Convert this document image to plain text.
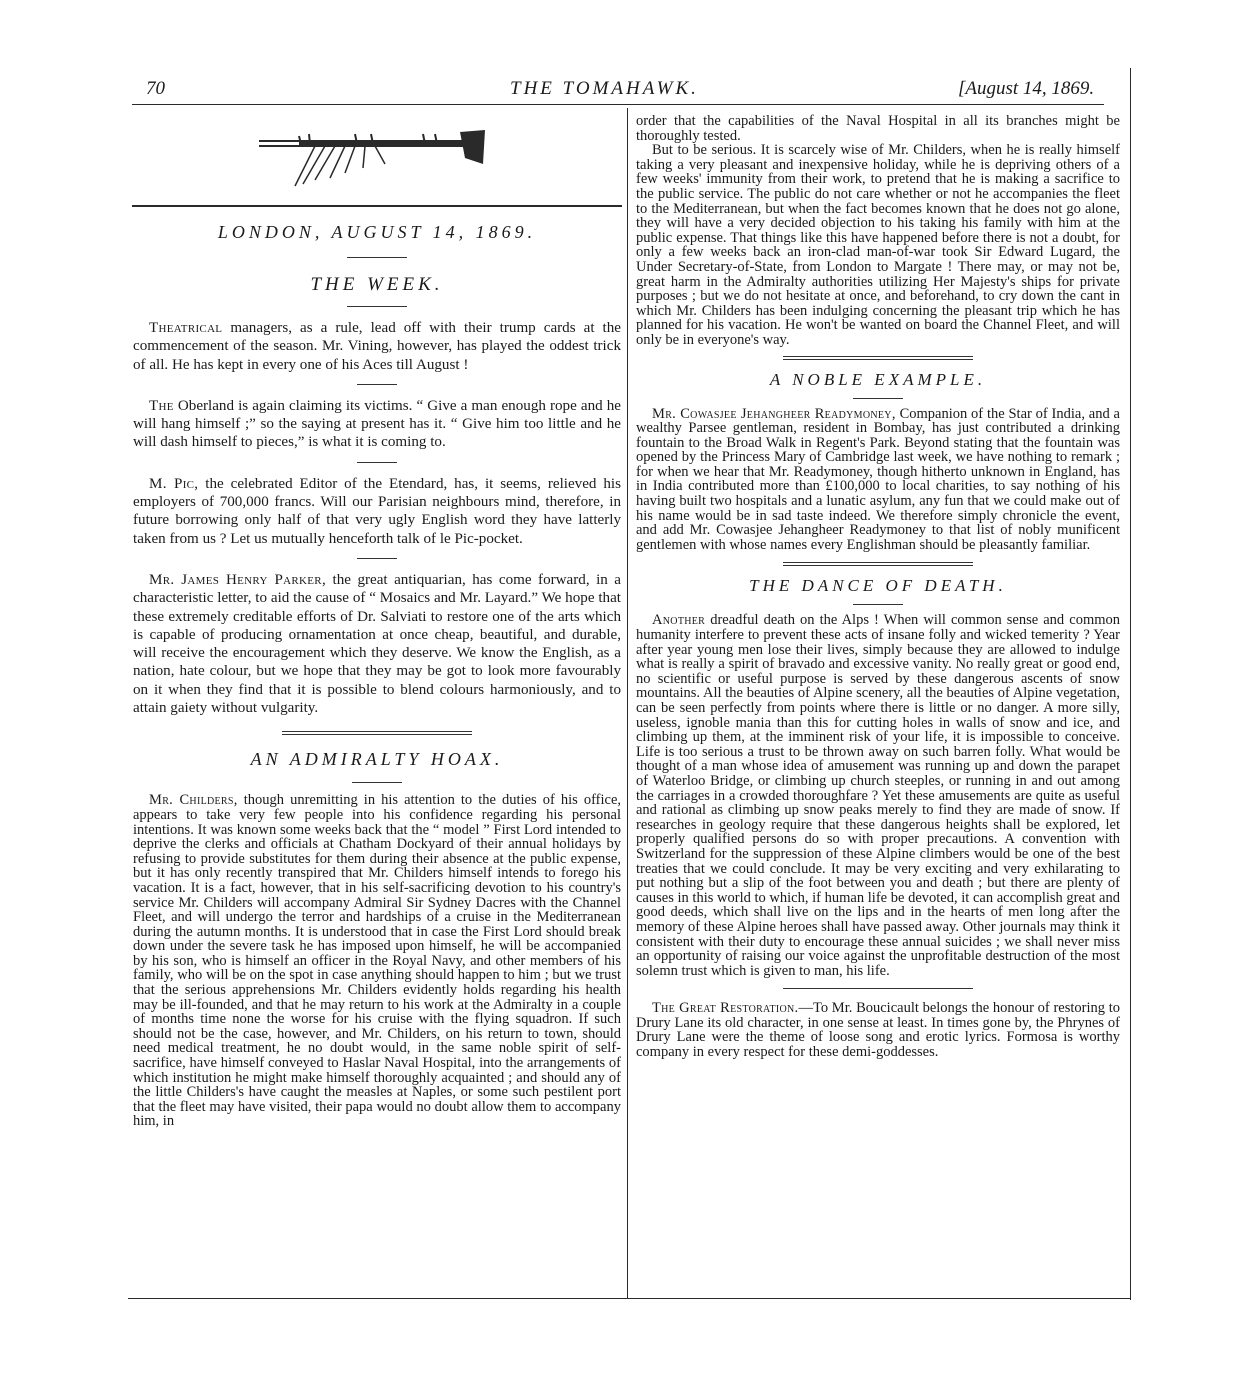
70	THE TOMAHAWK.	[August 14, 1869.
LONDON, AUGUST 14, 1869.
THE WEEK.

Theatrical managers, as a rule, lead off with their trump cards at the commencement of the season. Mr. Vining, however, has played the oddest trick of all. He has kept in every one of his Aces till August !

The Oberland is again claiming its victims. “ Give a man enough rope and he will hang himself ;” so the saying at present has it. “ Give him too little and he will dash himself to pieces,” is what it is coming to.

M. Pic, the celebrated Editor of the Etendard, has, it seems, relieved his employers of 700,000 francs. Will our Parisian neighbours mind, therefore, in future borrowing only half of that very ugly English word they have latterly taken from us ? Let us mutually henceforth talk of le Pic-pocket.

Mr. James Henry Parker, the great antiquarian, has come forward, in a characteristic letter, to aid the cause of “ Mosaics and Mr. Layard.” We hope that these extremely creditable efforts of Dr. Salviati to restore one of the arts which is capable of producing ornamentation at once cheap, beautiful, and durable, will receive the encouragement which they deserve. We know the English, as a nation, hate colour, but we hope that they may be got to look more favourably on it when they find that it is possible to blend colours harmoniously, and to attain gaiety without vulgarity.

AN ADMIRALTY HOAX.

Mr. Childers, though unremitting in his attention to the duties of his office, appears to take very few people into his confidence regarding his personal intentions. It was known some weeks back that the “ model ” First Lord intended to deprive the clerks and officials at Chatham Dockyard of their annual holidays by refusing to provide substitutes for them during their absence at the public expense, but it has only recently transpired that Mr. Childers himself intends to forego his vacation. It is a fact, however, that in his self-sacrificing devotion to his country's service Mr. Childers will accompany Admiral Sir Sydney Dacres with the Channel Fleet, and will undergo the terror and hardships of a cruise in the Mediterranean during the autumn months. It is understood that in case the First Lord should break down under the severe task he has imposed upon himself, he will be accompanied by his son, who is himself an officer in the Royal Navy, and other members of his family, who will be on the spot in case anything should happen to him ; but we trust that the serious apprehensions Mr. Childers evidently holds regarding his health may be ill-founded, and that he may return to his work at the Admiralty in a couple of months time none the worse for his cruise with the flying squadron. If such should not be the case, however, and Mr. Childers, on his return to town, should need medical treatment, he no doubt would, in the same noble spirit of self-sacrifice, have himself conveyed to Haslar Naval Hospital, into the arrangements of which institution he might make himself thoroughly acquainted ; and should any of the little Childers's have caught the measles at Naples, or some such pestilent port that the fleet may have visited, their papa would no doubt allow them to accompany him, in

order that the capabilities of the Naval Hospital in all its branches might be thoroughly tested.

But to be serious. It is scarcely wise of Mr. Childers, when he is really himself taking a very pleasant and inexpensive holiday, while he is depriving others of a few weeks' immunity from their work, to pretend that he is making a sacrifice to the public service. The public do not care whether or not he accompanies the fleet to the Mediterranean, but when the fact becomes known that he does not go alone, they will have a very decided objection to his taking his family with him at the public expense. That things like this have happened before there is not a doubt, for only a few weeks back an iron-clad man-of-war took Sir Edward Lugard, the Under Secretary-of-State, from London to Margate ! There may, or may not be, great harm in the Admiralty authorities utilizing Her Majesty's ships for private purposes ; but we do not hesitate at once, and beforehand, to cry down the cant in which Mr. Childers has been indulging concerning the pleasant trip which he has planned for his vacation. He won't be wanted on board the Channel Fleet, and will only be in everyone's way.

A NOBLE EXAMPLE.

Mr. Cowasjee Jehangheer Readymoney, Companion of the Star of India, and a wealthy Parsee gentleman, resident in Bombay, has just contributed a drinking fountain to the Broad Walk in Regent's Park. Beyond stating that the fountain was opened by the Princess Mary of Cambridge last week, we have nothing to remark ; for when we hear that Mr. Readymoney, though hitherto unknown in England, has in India contributed more than £100,000 to local charities, to say nothing of his having built two hospitals and a lunatic asylum, any fun that we could make out of his name would be in sad taste indeed. We therefore simply chronicle the event, and add Mr. Cowasjee Jehangheer Readymoney to that list of nobly munificent gentlemen with whose names every Englishman should be pleasantly familiar.

THE DANCE OF DEATH.

Another dreadful death on the Alps ! When will common sense and common humanity interfere to prevent these acts of insane folly and wicked temerity ? Year after year young men lose their lives, simply because they are allowed to indulge what is really a spirit of bravado and excessive vanity. No really great or good end, no scientific or useful purpose is served by these dangerous ascents of snow mountains. All the beauties of Alpine scenery, all the beauties of Alpine vegetation, can be seen perfectly from points where there is little or no danger. A more silly, useless, ignoble mania than this for cutting holes in walls of snow and ice, and climbing up them, at the imminent risk of your life, it is impossible to conceive. Life is too serious a trust to be thrown away on such barren folly. What would be thought of a man whose idea of amusement was running up and down the parapet of Waterloo Bridge, or climbing up church steeples, or running in and out among the carriages in a crowded thoroughfare ? Yet these amusements are quite as useful and rational as climbing up snow peaks merely to find they are made of snow. If researches in geology require that these dangerous heights shall be explored, let properly qualified persons do so with proper precautions. A convention with Switzerland for the suppression of these Alpine climbers would be one of the best treaties that we could conclude. It may be very exciting and very exhilarating to put nothing but a slip of the foot between you and death ; but there are plenty of causes in this world to which, if human life be devoted, it can accomplish great and good deeds, which shall live on the lips and in the hearts of men long after the memory of these Alpine heroes shall have passed away. Other journals may think it consistent with their duty to encourage these annual suicides ; we shall never miss an opportunity of raising our voice against the unprofitable destruction of the most solemn trust which is given to man, his life.

The Great Restoration.—To Mr. Boucicault belongs the honour of restoring to Drury Lane its old character, in one sense at least. In times gone by, the Phrynes of Drury Lane were the theme of loose song and erotic lyrics. Formosa is worthy company in every respect for these demi-goddesses.
